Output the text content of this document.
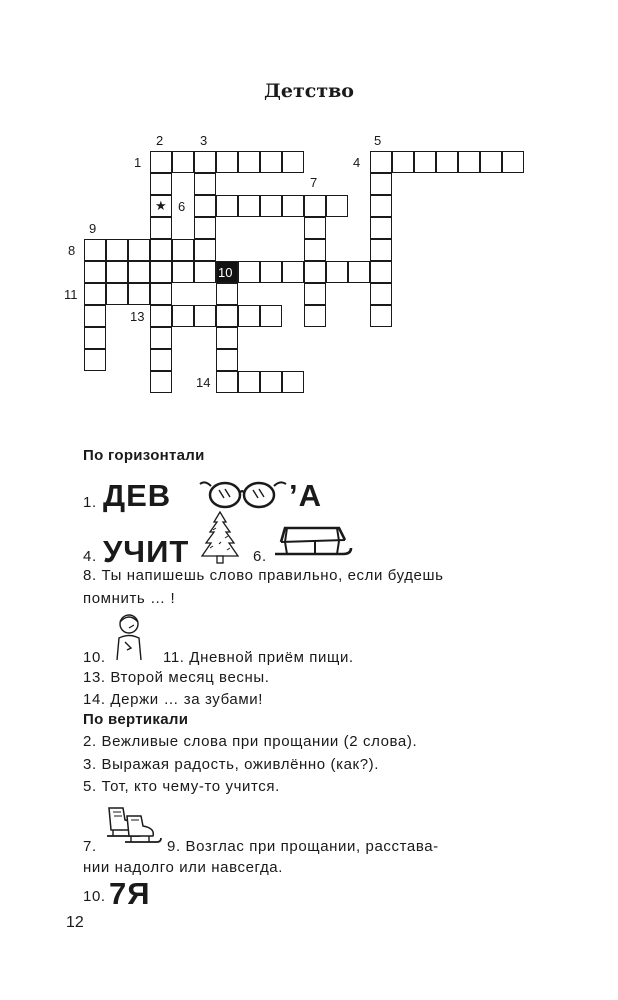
Детство
★
1
2	3
4
5
6
7
8
9
10
11
13
14
По горизонтали
1. ДЕВ	’А
4. УЧИТ	6.
8. Ты напишешь слово правильно, если будешь
помнить … !
10.	11. Дневной приём пищи.
13. Второй месяц весны.
14. Держи … за зубами!
По вертикали
2. Вежливые слова при прощании (2 слова).
3. Выражая радость, оживлённо (как?).
5. Тот, кто чему-то учится.
7.	9. Возглас при прощании, расстава-
нии надолго или навсегда.
10. 7Я
12
